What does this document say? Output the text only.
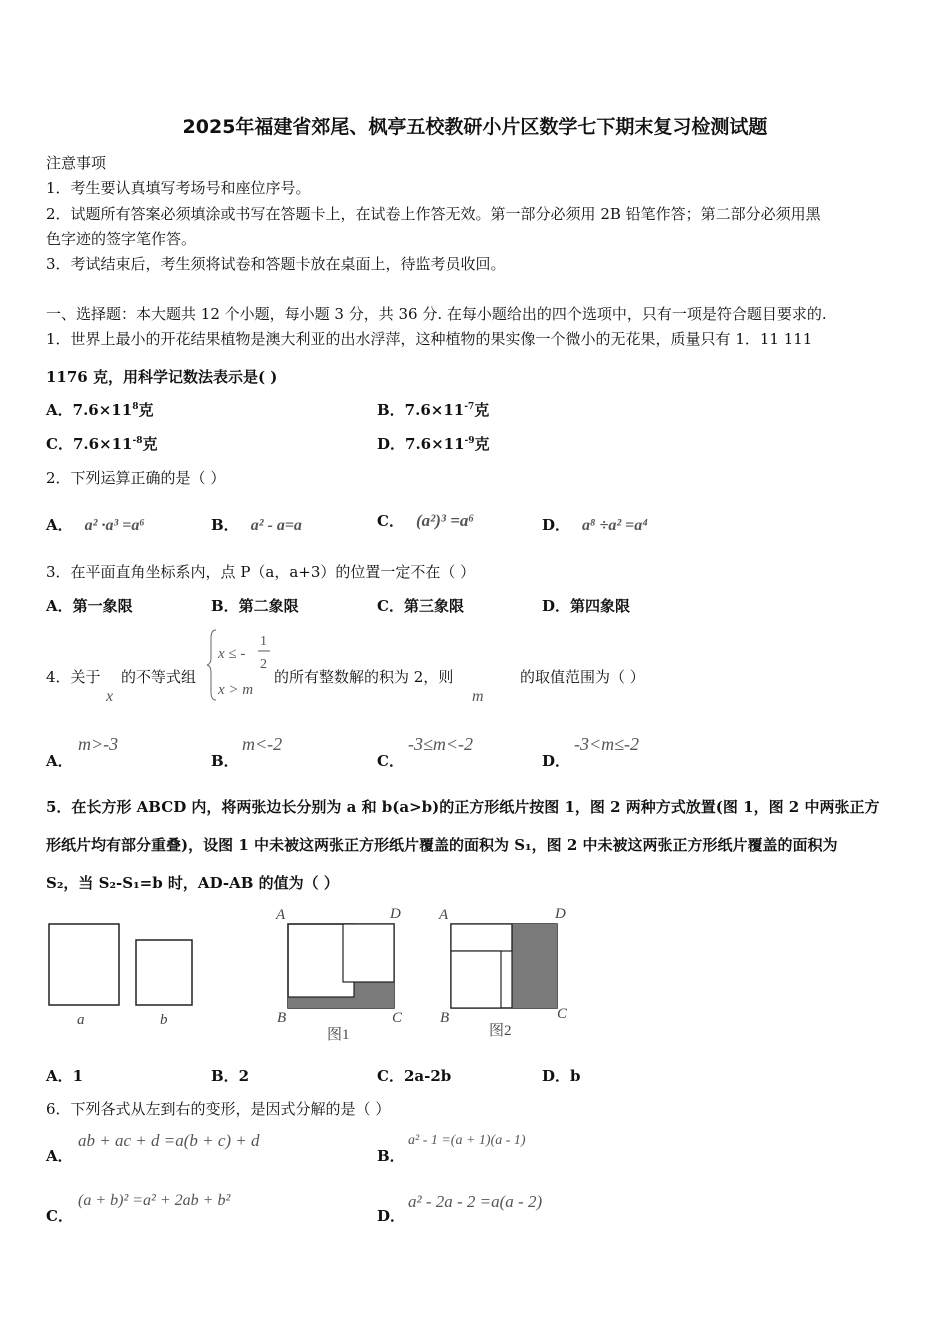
2025年福建省郊尾、枫亭五校教研小片区数学七下期末复习检测试题
注意事项
1．考生要认真填写考场号和座位序号。
2．试题所有答案必须填涂或书写在答题卡上，在试卷上作答无效。第一部分必须用 2B 铅笔作答；第二部分必须用黑
色字迹的签字笔作答。
3．考试结束后，考生须将试卷和答题卡放在桌面上，待监考员收回。
一、选择题：本大题共 12 个小题，每小题 3 分，共 36 分. 在每小题给出的四个选项中，只有一项是符合题目要求的.
1．世界上最小的开花结果植物是澳大利亚的出水浮萍，这种植物的果实像一个微小的无花果，质量只有 1．11 111
1176 克，用科学记数法表示是( )
A．$7.6\times 11^8$克	B．$7.6\times 11^{-7}$克
C．$7.6\times 11^{-8}$克	D．$7.6\times 11^{-9}$克
2．下列运算正确的是（ ）
A． a² ·a³ =a⁶	B． a² - a=a	C． (a²)³ =a⁶	D． a⁸ ÷a² =a⁴
3．在平面直角坐标系内，点 P（a，a+3）的位置一定不在（ ）
A．第一象限	B．第二象限	C．第三象限	D．第四象限
4．关于
x
的不等式组
x ≤ -
1
2
x > m
的所有整数解的积为 2，则
m
的取值范围为（ ）
A．
m>-3
B．
m<-2
C．
-3≤m<-2
D．
-3<m≤-2
5．在长方形 ABCD 内，将两张边长分别为 a 和 b(a>b)的正方形纸片按图 1，图 2 两种方式放置(图 1，图 2 中两张正方
形纸片均有部分重叠)，设图 1 中未被这两张正方形纸片覆盖的面积为 S₁，图 2 中未被这两张正方形纸片覆盖的面积为
S₂，当 S₂-S₁=b 时，AD-AB 的值为（ ）
a	b
A	D
B	C
图1
A	D
B	C
图2
A．1	B．2	C．2a-2b	D．b
6．下列各式从左到右的变形，是因式分解的是（ ）
A．
ab + ac + d =a(b + c) + d
B．
a² - 1 =(a + 1)(a - 1)
C．
(a + b)² =a² + 2ab + b²
D．
a² - 2a - 2 =a(a - 2)
